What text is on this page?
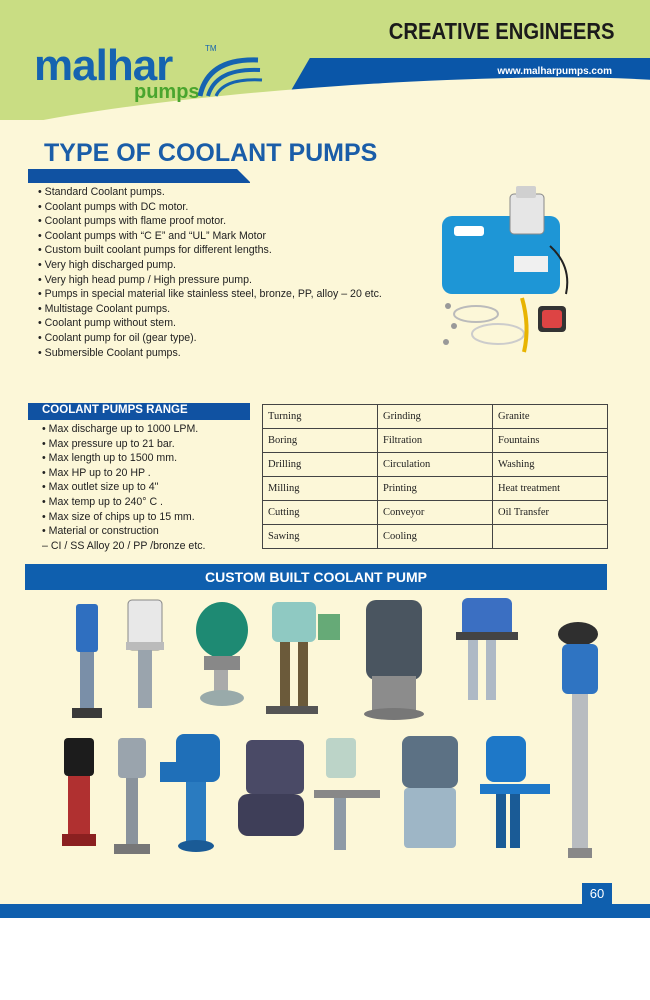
malhar
pumps
TM
CREATIVE ENGINEERS
www.malharpumps.com
TYPE OF COOLANT PUMPS
• Standard Coolant pumps.
• Coolant pumps with DC motor.
• Coolant pumps with flame proof motor.
• Coolant pumps with “C E” and “UL” Mark Motor
• Custom built coolant pumps for different lengths.
• Very high discharged pump.
• Very high head pump / High pressure pump.
• Pumps in special material like stainless steel, bronze, PP, alloy – 20 etc.
• Multistage Coolant pumps.
• Coolant pump without stem.
• Coolant pump for oil (gear type).
• Submersible Coolant pumps.
COOLANT PUMPS RANGE
• Max discharge up to 1000 LPM.
• Max pressure up to 21 bar.
• Max length up to 1500 mm.
• Max HP up to 20 HP .
• Max outlet size up to 4"
• Max temp up to 240° C .
• Max size of chips up to 15 mm.
• Material or construction
– CI / SS Alloy 20 / PP /bronze etc.
Turning	Grinding	Granite
Boring	Filtration	Fountains
Drilling	Circulation	Washing
Milling	Printing	Heat treatment
Cutting	Conveyor	Oil Transfer
Sawing	Cooling	
CUSTOM BUILT COOLANT PUMP
60
